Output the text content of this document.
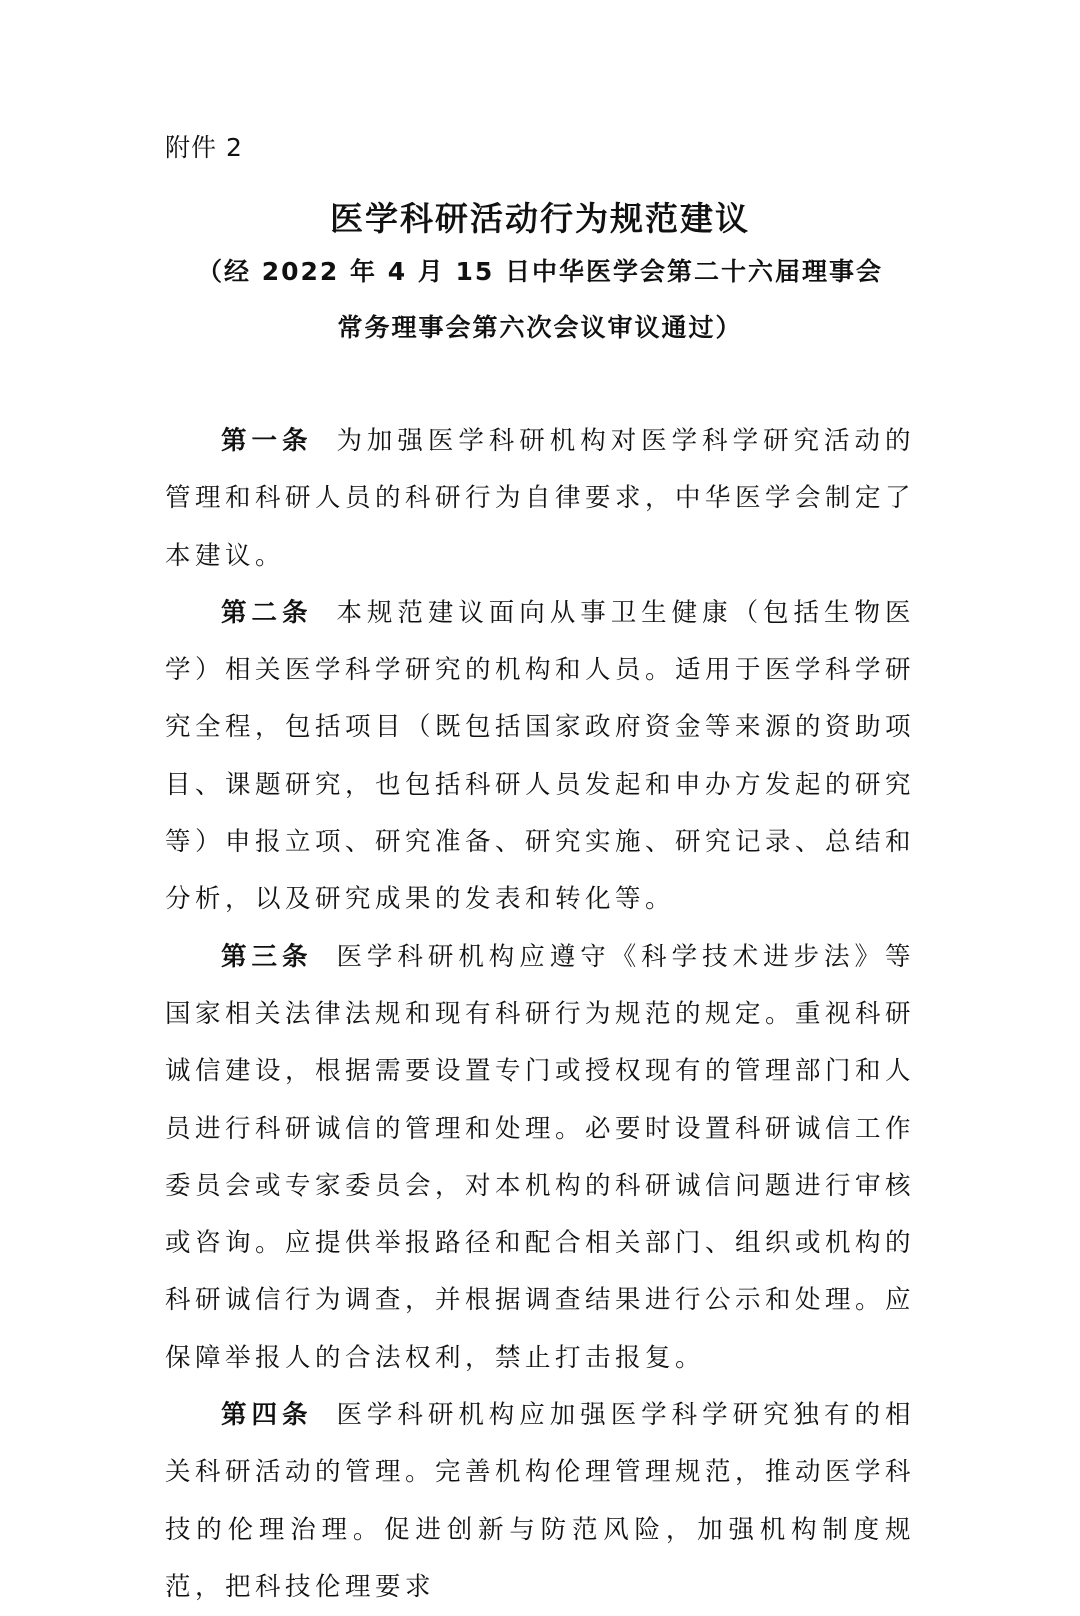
附件 2
医学科研活动行为规范建议
（经 2022 年 4 月 15 日中华医学会第二十六届理事会
常务理事会第六次会议审议通过）

第一条 为加强医学科研机构对医学科学研究活动的管理和科研人员的科研行为自律要求，中华医学会制定了本建议。

第二条 本规范建议面向从事卫生健康（包括生物医学）相关医学科学研究的机构和人员。适用于医学科学研究全程，包括项目（既包括国家政府资金等来源的资助项目、课题研究，也包括科研人员发起和申办方发起的研究等）申报立项、研究准备、研究实施、研究记录、总结和分析，以及研究成果的发表和转化等。

第三条 医学科研机构应遵守《科学技术进步法》等国家相关法律法规和现有科研行为规范的规定。重视科研诚信建设，根据需要设置专门或授权现有的管理部门和人员进行科研诚信的管理和处理。必要时设置科研诚信工作委员会或专家委员会，对本机构的科研诚信问题进行审核或咨询。应提供举报路径和配合相关部门、组织或机构的科研诚信行为调查，并根据调查结果进行公示和处理。应保障举报人的合法权利，禁止打击报复。

第四条 医学科研机构应加强医学科学研究独有的相关科研活动的管理。完善机构伦理管理规范，推动医学科技的伦理治理。促进创新与防范风险，加强机构制度规范，把科技伦理要求
